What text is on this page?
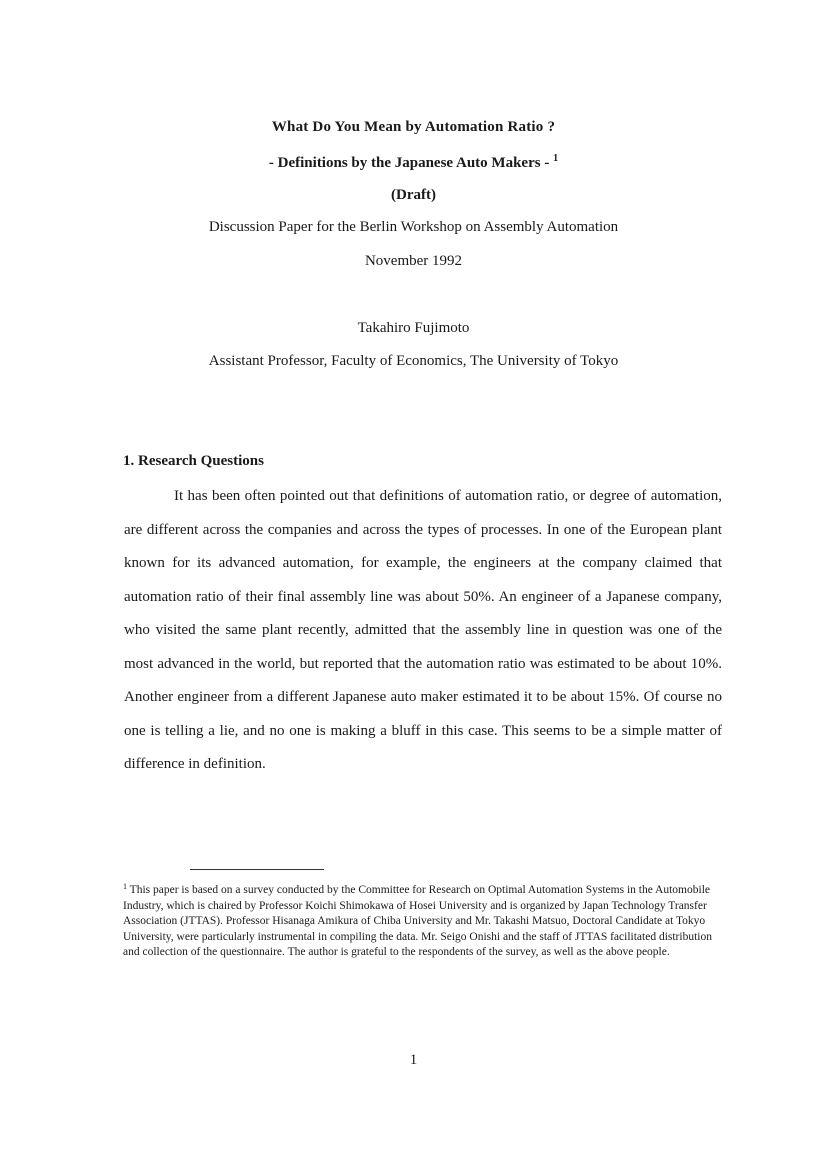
What Do You Mean by Automation Ratio ?
- Definitions by the Japanese Auto Makers - $^1$
(Draft)
Discussion Paper for the Berlin Workshop on Assembly Automation
November 1992
Takahiro Fujimoto
Assistant Professor, Faculty of Economics, The University of Tokyo
1. Research Questions

It has been often pointed out that definitions of automation ratio, or degree of automation, are different across the companies and across the types of processes. In one of the European plant known for its advanced automation, for example, the engineers at the company claimed that automation ratio of their final assembly line was about 50%. An engineer of a Japanese company, who visited the same plant recently, admitted that the assembly line in question was one of the most advanced in the world, but reported that the automation ratio was estimated to be about 10%. Another engineer from a different Japanese auto maker estimated it to be about 15%. Of course no one is telling a lie, and no one is making a bluff in this case. This seems to be a simple matter of difference in definition.

$^1$ This paper is based on a survey conducted by the Committee for Research on Optimal Automation Systems in the Automobile Industry, which is chaired by Professor Koichi Shimokawa of Hosei University and is organized by Japan Technology Transfer Association (JTTAS). Professor Hisanaga Amikura of Chiba University and Mr. Takashi Matsuo, Doctoral Candidate at Tokyo University, were particularly instrumental in compiling the data. Mr. Seigo Onishi and the staff of JTTAS facilitated distribution and collection of the questionnaire. The author is grateful to the respondents of the survey, as well as the above people.

1
